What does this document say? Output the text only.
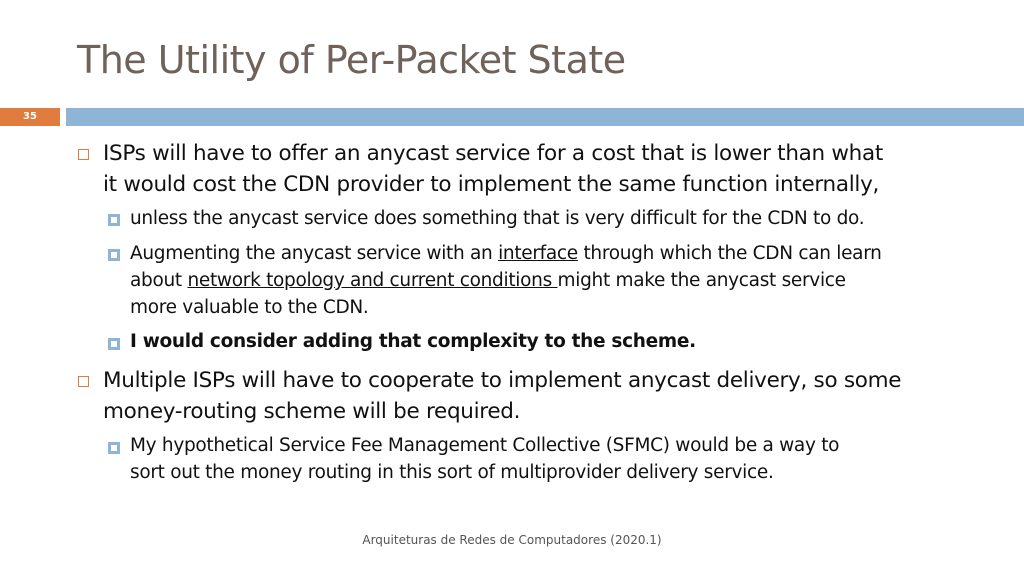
The Utility of Per-Packet State
35
ISPs will have to offer an anycast service for a cost that is lower than what
it would cost the CDN provider to implement the same function internally,
unless the anycast service does something that is very difficult for the CDN to do.
Augmenting the anycast service with an interface through which the CDN can learn
about network topology and current conditions might make the anycast service
more valuable to the CDN.
I would consider adding that complexity to the scheme.
Multiple ISPs will have to cooperate to implement anycast delivery, so some
money-routing scheme will be required.
My hypothetical Service Fee Management Collective (SFMC) would be a way to
sort out the money routing in this sort of multiprovider delivery service.
Arquiteturas de Redes de Computadores (2020.1)
